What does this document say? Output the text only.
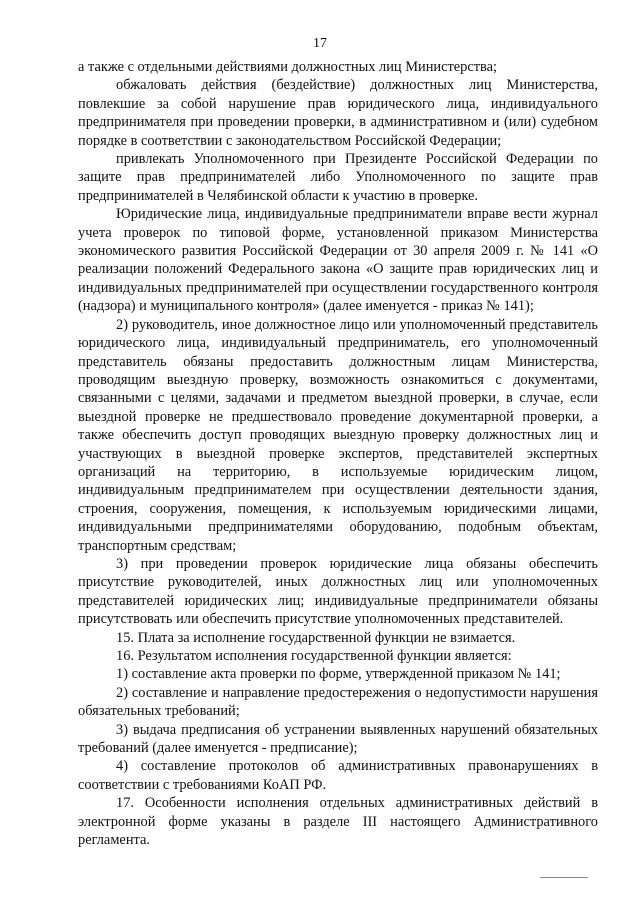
17

а также с отдельными действиями должностных лиц Министерства;

обжаловать действия (бездействие) должностных лиц Министерства, повлекшие за собой нарушение прав юридического лица, индивидуального предпринимателя при проведении проверки, в административном и (или) судебном порядке в соответствии с законодательством Российской Федерации;

привлекать Уполномоченного при Президенте Российской Федерации по защите прав предпринимателей либо Уполномоченного по защите прав предпринимателей в Челябинской области к участию в проверке.

Юридические лица, индивидуальные предприниматели вправе вести журнал учета проверок по типовой форме, установленной приказом Министерства экономического развития Российской Федерации от 30 апреля 2009 г. № 141 «О реализации положений Федерального закона «О защите прав юридических лиц и индивидуальных предпринимателей при осуществлении государственного контроля (надзора) и муниципального контроля» (далее именуется - приказ № 141);

2) руководитель, иное должностное лицо или уполномоченный представитель юридического лица, индивидуальный предприниматель, его уполномоченный представитель обязаны предоставить должностным лицам Министерства, проводящим выездную проверку, возможность ознакомиться с документами, связанными с целями, задачами и предметом выездной проверки, в случае, если выездной проверке не предшествовало проведение документарной проверки, а также обеспечить доступ проводящих выездную проверку должностных лиц и участвующих в выездной проверке экспертов, представителей экспертных организаций на территорию, в используемые юридическим лицом, индивидуальным предпринимателем при осуществлении деятельности здания, строения, сооружения, помещения, к используемым юридическими лицами, индивидуальными предпринимателями оборудованию, подобным объектам, транспортным средствам;

3) при проведении проверок юридические лица обязаны обеспечить присутствие руководителей, иных должностных лиц или уполномоченных представителей юридических лиц; индивидуальные предприниматели обязаны присутствовать или обеспечить присутствие уполномоченных представителей.

15. Плата за исполнение государственной функции не взимается.

16. Результатом исполнения государственной функции является:

1) составление акта проверки по форме, утвержденной приказом № 141;

2) составление и направление предостережения о недопустимости нарушения обязательных требований;

3) выдача предписания об устранении выявленных нарушений обязательных требований (далее именуется - предписание);

4) составление протоколов об административных правонарушениях в соответствии с требованиями КоАП РФ.

17. Особенности исполнения отдельных административных действий в электронной форме указаны в разделе III настоящего Административного регламента.
